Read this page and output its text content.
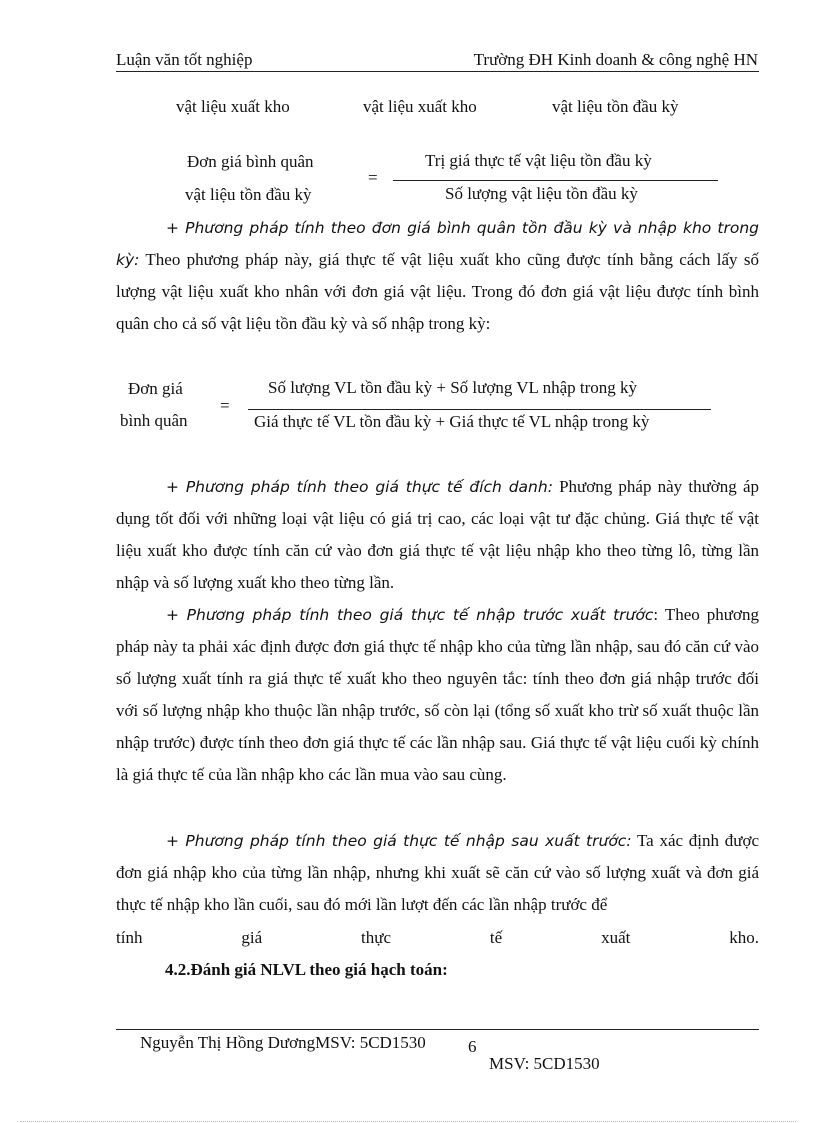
Luận văn tốt nghiệp	Trường ĐH Kinh doanh & công nghệ HN
vật liệu xuất kho	vật liệu xuất kho	vật liệu tồn đầu kỳ
Đơn giá bình quân
vật liệu tồn đầu kỳ
=
Trị giá thực tế vật liệu tồn đầu kỳ
Số lượng vật liệu tồn đầu kỳ
+ Phương pháp tính theo đơn giá bình quân tồn đầu kỳ và nhập kho trong kỳ: Theo phương pháp này, giá thực tế vật liệu xuất kho cũng được tính bằng cách lấy số lượng vật liệu xuất kho nhân với đơn giá vật liệu. Trong đó đơn giá vật liệu được tính bình quân cho cả số vật liệu tồn đầu kỳ và số nhập trong kỳ:
Đơn giá
bình quân
=
Số lượng VL tồn đầu kỳ + Số lượng VL nhập trong kỳ
Giá thực tế VL tồn đầu kỳ + Giá thực tế VL nhập trong kỳ
+ Phương pháp tính theo giá thực tế đích danh: Phương pháp này thường áp dụng tốt đối với những loại vật liệu có giá trị cao, các loại vật tư đặc chủng. Giá thực tế vật liệu xuất kho được tính căn cứ vào đơn giá thực tế vật liệu nhập kho theo từng lô, từng lần nhập và số lượng xuất kho theo từng lần.
+ Phương pháp tính theo giá thực tế nhập trước xuất trước: Theo phương pháp này ta phải xác định được đơn giá thực tế nhập kho của từng lần nhập, sau đó căn cứ vào số lượng xuất tính ra giá thực tế xuất kho theo nguyên tắc: tính theo đơn giá nhập trước đối với số lượng nhập kho thuộc lần nhập trước, số còn lại (tổng số xuất kho trừ số xuất thuộc lần nhập trước) được tính theo đơn giá thực tế các lần nhập sau. Giá thực tế vật liệu cuối kỳ chính là giá thực tế của lần nhập kho các lần mua vào sau cùng.
+ Phương pháp tính theo giá thực tế nhập sau xuất trước: Ta xác định được đơn giá nhập kho của từng lần nhập, nhưng khi xuất sẽ căn cứ vào số lượng xuất và đơn giá thực tế nhập kho lần cuối, sau đó mới lần lượt đến các lần nhập trước để
tính	giá	thực	tế	xuất	kho.
4.2.Đánh giá NLVL theo giá hạch toán:
Nguyễn Thị Hồng DươngMSV: 5CD1530 6
MSV: 5CD1530
